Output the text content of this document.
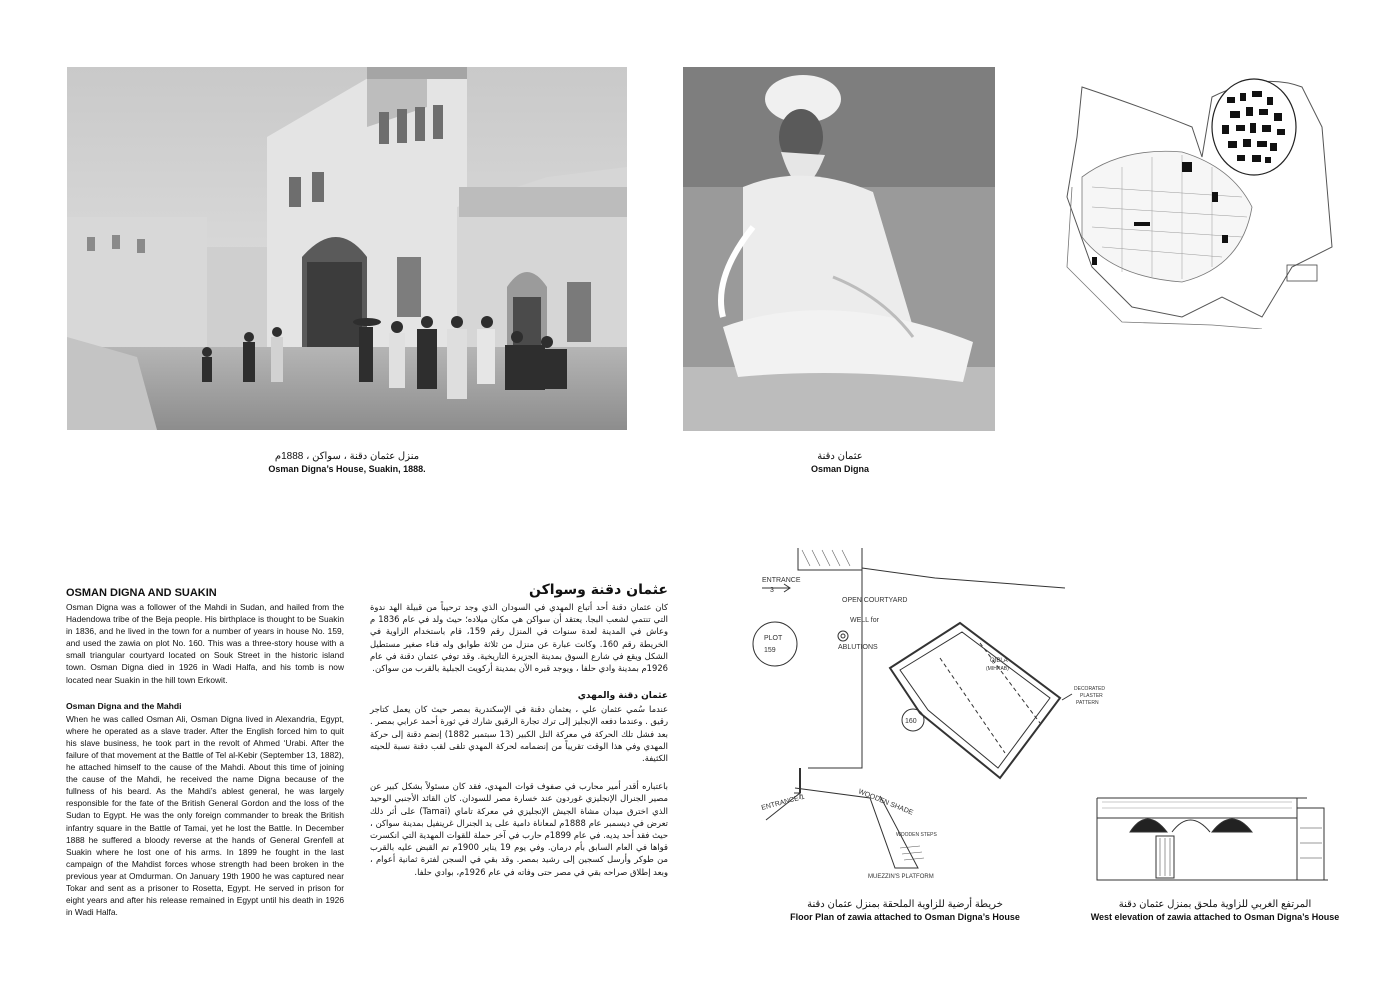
منزل عثمان دقنة ، سواكن ، 1888م
Osman Digna’s House, Suakin, 1888.
عثمان دقنة
Osman Digna
OSMAN DIGNA AND SUAKIN

Osman Digna was a follower of the Mahdi in Sudan, and hailed from the Hadendowa tribe of the Beja people. His birthplace is thought to be Suakin in 1836, and he lived in the town for a number of years in house No. 159, and used the zawia on plot No. 160. This was a three-story house with a small triangular courtyard located on Souk Street in the historic island town. Osman Digna died in 1926 in Wadi Halfa, and his tomb is now located near Suakin in the hill town Erkowit.

Osman Digna and the Mahdi

When he was called Osman Ali, Osman Digna lived in Alexandria, Egypt, where he operated as a slave trader. After the English forced him to quit his slave business, he took part in the revolt of Ahmed ‘Urabi. After the failure of that movement at the Battle of Tel al-Kebir (September 13, 1882), he attached himself to the cause of the Mahdi. About this time of joining the cause of the Mahdi, he received the name Digna because of the fullness of his beard. As the Mahdi’s ablest general, he was largely responsible for the fate of the British General Gordon and the loss of the Sudan to Egypt. He was the only foreign commander to break the British infantry square in the Battle of Tamai, yet he lost the Battle. In December 1888 he suffered a bloody reverse at the hands of General Grenfell at Suakin where he lost one of his arms. In 1899 he fought in the last campaign of the Mahdist forces whose strength had been broken in the previous year at Omdurman. On January 19th 1900 he was captured near Tokar and sent as a prisoner to Rosetta, Egypt. He served in prison for eight years and after his release remained in Egypt until his death in 1926 in Wadi Halfa.

عثمان دقنة وسواكن

كان عثمان دقنة أحد أتباع المهدي في السودان الذي وجد ترحيباً من قبيلة الهد ندوة التي تنتمي لشعب البجا. يعتقد أن سواكن هي مكان ميلاده؛ حيث ولد في عام 1836 م وعاش في المدينة لعدة سنوات في المنزل رقم 159، قام باستخدام الزاوية في الخريطة رقم 160. وكانت عبارة عن منزل من ثلاثة طوابق وله فناء صغير مستطيل الشكل ويقع في شارع السوق بمدينة الجزيرة التاريخية. وقد توفي عثمان دقنة في عام 1926م بمدينة وادي حلفا ، ويوجد قبره الآن بمدينة أركويت الجبلية بالقرب من سواكن.

عثمان دقنة والمهدي

عندما سُمي عثمان علي ، يعثمان دقنة في الإسكندرية بمصر حيث كان يعمل كتاجر رقيق . وعندما دفعه الإنجليز إلى ترك تجارة الرقيق شارك في ثورة أحمد عرابي بمصر . بعد فشل تلك الحركة في معركة التل الكبير (13 سبتمبر 1882) إنضم دقنة إلى حركة المهدي وفي هذا الوقت تقريباً من إنضمامه لحركة المهدي تلقى لقب دقنة نسبة للحيته الكثيفة.

باعتباره أقدر أمير محارب في صفوف قوات المهدي، فقد كان مسئولاً بشكل كبير عن مصير الجنرال الإنجليزي غوردون عند خسارة مصر للسودان. كان القائد الأجنبي الوحيد الذي اخترق ميدان مشاة الجيش الإنجليزي في معركة تاماي (Tamai) على أثر ذلك تعرض في ديسمبر عام 1888م لمعاناة دامية على يد الجنرال غرينفيل بمدينة سواكن ، حيث فقد أحد يديه. في عام 1899م حارب في آخر حملة للقوات المهدية التي انكسرت قواها في العام السابق بأم درمان. وفي يوم 19 يناير 1900م تم القبض عليه بالقرب من طوكر وأرسل كسجين إلى رشيد بمصر. وقد بقي في السجن لفترة ثمانية أعوام ، وبعد إطلاق صراحه بقي في مصر حتى وفاته في عام 1926م، بوادي حلفا.

ENTRANCE
3
PLOT
159
OPEN COURTYARD
WELL for
ABLUTIONS
QIBLA
(MIHRAB)
DECORATED
PLASTER
PATTERN
160
WOODEN SHADE
WOODEN STEPS
ENTRANCE 1
MUEZZIN'S PLATFORM
خريطة أرضية للزاوية الملحقة بمنزل عثمان دقنة
Floor Plan of zawia attached to Osman Digna’s House
المرتفع الغربي للزاوية ملحق بمنزل عثمان دقنة
West elevation of zawia attached to Osman Digna’s House
